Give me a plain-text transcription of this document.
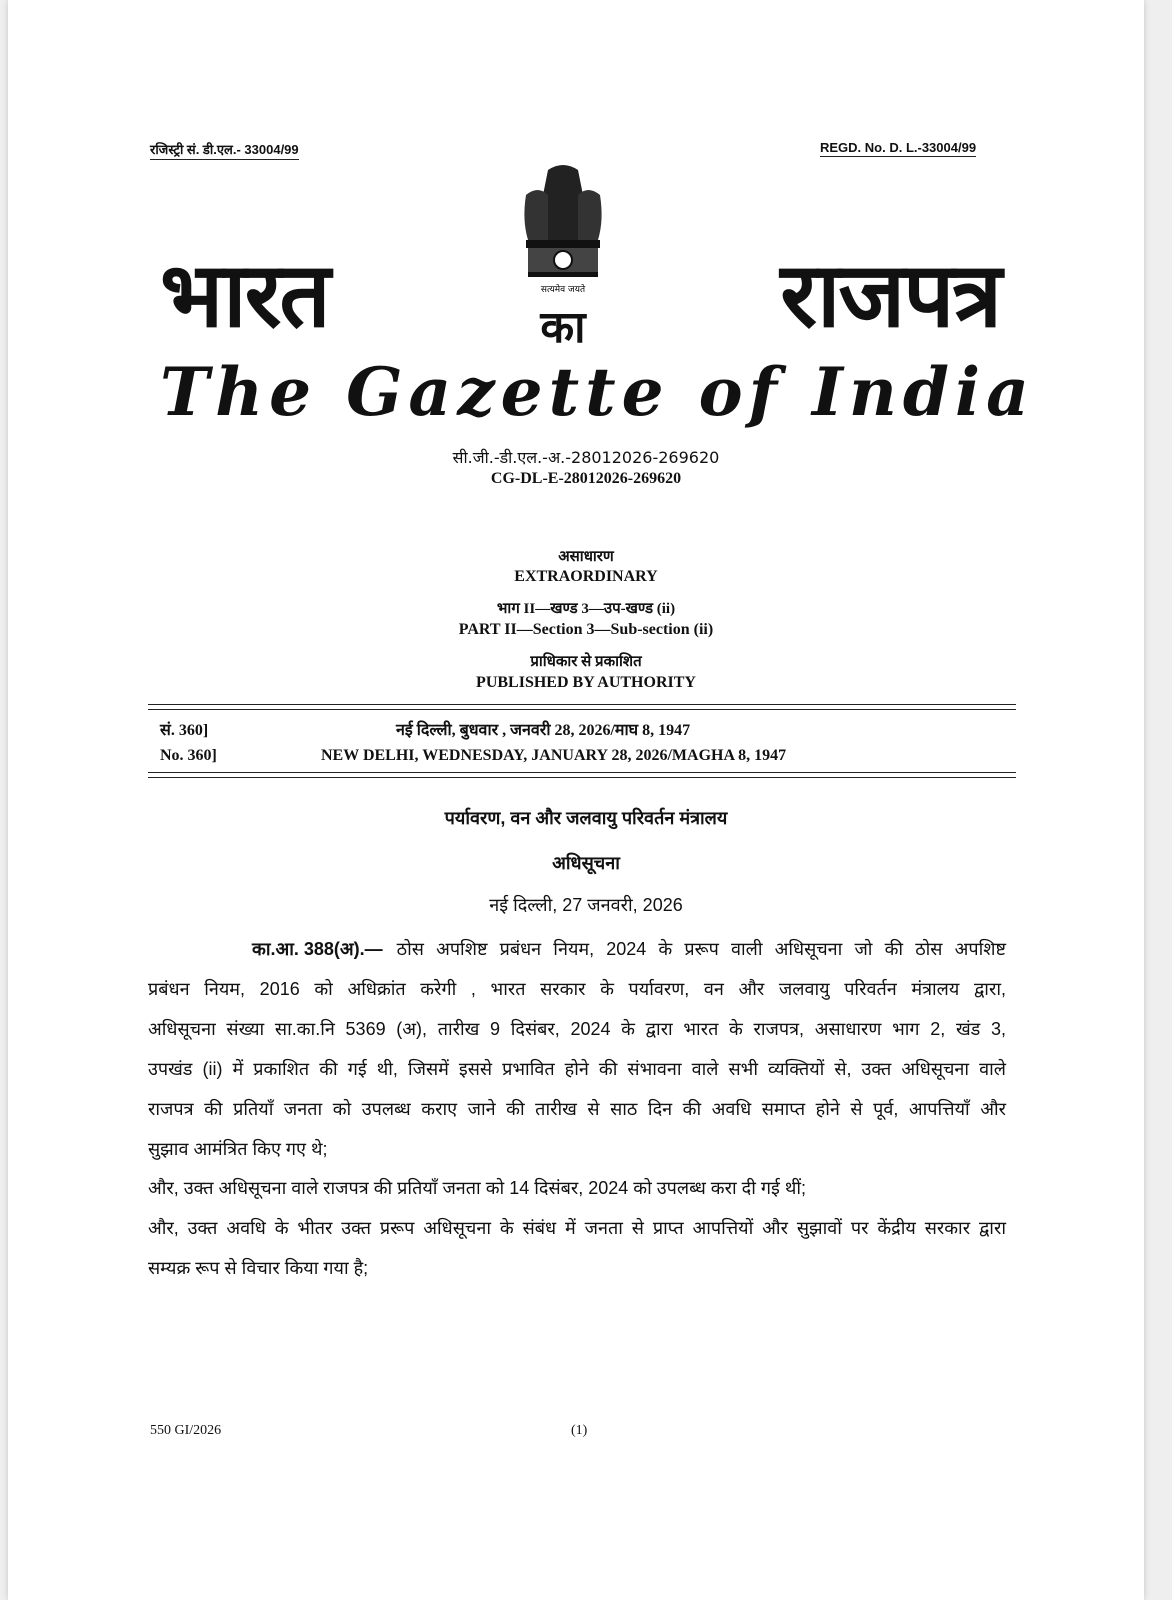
रजिस्ट्री सं. डी.एल.- 33004/99	REGD. No. D. L.-33004/99
सत्यमेव जयते
भारत	का	राजपत्र
The Gazette of India
सी.जी.-डी.एल.-अ.-28012026-269620
CG-DL-E-28012026-269620
असाधारण
EXTRAORDINARY
भाग II—खण्ड 3—उप-खण्ड (ii)
PART II—Section 3—Sub-section (ii)
प्राधिकार से प्रकाशित
PUBLISHED BY AUTHORITY
सं. 360]	नई दिल्ली, बुधवार , जनवरी 28, 2026/माघ 8, 1947
No. 360]	NEW DELHI, WEDNESDAY, JANUARY 28, 2026/MAGHA 8, 1947
पर्यावरण, वन और जलवायु परिवर्तन मंत्रालय
अधिसूचना
नई दिल्ली, 27 जनवरी, 2026
का.आ. 388(अ).— ठोस अपशिष्ट प्रबंधन नियम, 2024 के प्ररूप वाली अधिसूचना जो की ठोस अपशिष्ट
प्रबंधन नियम, 2016 को अधिक्रांत करेगी , भारत सरकार के पर्यावरण, वन और जलवायु परिवर्तन मंत्रालय द्वारा,
अधिसूचना संख्या सा.का.नि 5369 (अ), तारीख 9 दिसंबर, 2024 के द्वारा भारत के राजपत्र, असाधारण भाग 2, खंड 3,
उपखंड (ii) में प्रकाशित की गई थी, जिसमें इससे प्रभावित होने की संभावना वाले सभी व्यक्तियों से, उक्त अधिसूचना वाले
राजपत्र की प्रतियाँ जनता को उपलब्ध कराए जाने की तारीख से साठ दिन की अवधि समाप्त होने से पूर्व, आपत्तियाँ और
सुझाव आमंत्रित किए गए थे;
और, उक्त अधिसूचना वाले राजपत्र की प्रतियाँ जनता को 14 दिसंबर, 2024 को उपलब्ध करा दी गई थीं;
और, उक्त अवधि के भीतर उक्त प्ररूप अधिसूचना के संबंध में जनता से प्राप्त आपत्तियों और सुझावों पर केंद्रीय सरकार द्वारा
सम्यक्र रूप से विचार किया गया है;
550 GI/2026	(1)
